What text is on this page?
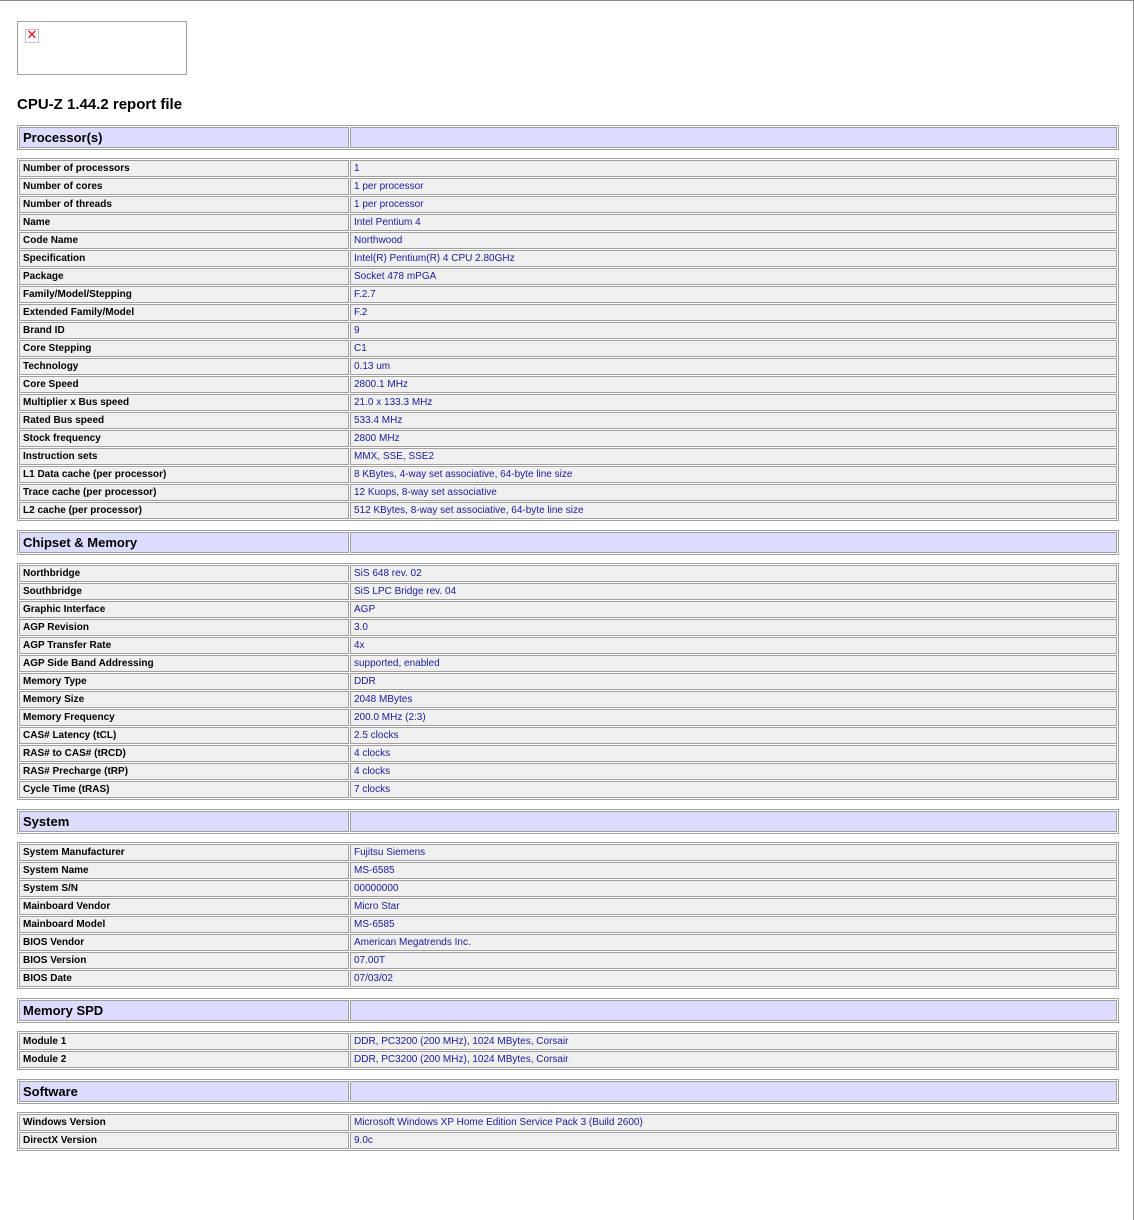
✕
CPU-Z 1.44.2 report file
Processor(s)	
Number of processors	1
Number of cores	1 per processor
Number of threads	1 per processor
Name	Intel Pentium 4
Code Name	Northwood
Specification	Intel(R) Pentium(R) 4 CPU 2.80GHz
Package	Socket 478 mPGA
Family/Model/Stepping	F.2.7
Extended Family/Model	F.2
Brand ID	9
Core Stepping	C1
Technology	0.13 um
Core Speed	2800.1 MHz
Multiplier x Bus speed	21.0 x 133.3 MHz
Rated Bus speed	533.4 MHz
Stock frequency	2800 MHz
Instruction sets	MMX, SSE, SSE2
L1 Data cache (per processor)	8 KBytes, 4-way set associative, 64-byte line size
Trace cache (per processor)	12 Kuops, 8-way set associative
L2 cache (per processor)	512 KBytes, 8-way set associative, 64-byte line size
Chipset & Memory	
Northbridge	SiS 648 rev. 02
Southbridge	SiS LPC Bridge rev. 04
Graphic Interface	AGP
AGP Revision	3.0
AGP Transfer Rate	4x
AGP Side Band Addressing	supported, enabled
Memory Type	DDR
Memory Size	2048 MBytes
Memory Frequency	200.0 MHz (2:3)
CAS# Latency (tCL)	2.5 clocks
RAS# to CAS# (tRCD)	4 clocks
RAS# Precharge (tRP)	4 clocks
Cycle Time (tRAS)	7 clocks
System	
System Manufacturer	Fujitsu Siemens
System Name	MS-6585
System S/N	00000000
Mainboard Vendor	Micro Star
Mainboard Model	MS-6585
BIOS Vendor	American Megatrends Inc.
BIOS Version	07.00T
BIOS Date	07/03/02
Memory SPD	
Module 1	DDR, PC3200 (200 MHz), 1024 MBytes, Corsair
Module 2	DDR, PC3200 (200 MHz), 1024 MBytes, Corsair
Software	
Windows Version	Microsoft Windows XP Home Edition Service Pack 3 (Build 2600)
DirectX Version	9.0c
